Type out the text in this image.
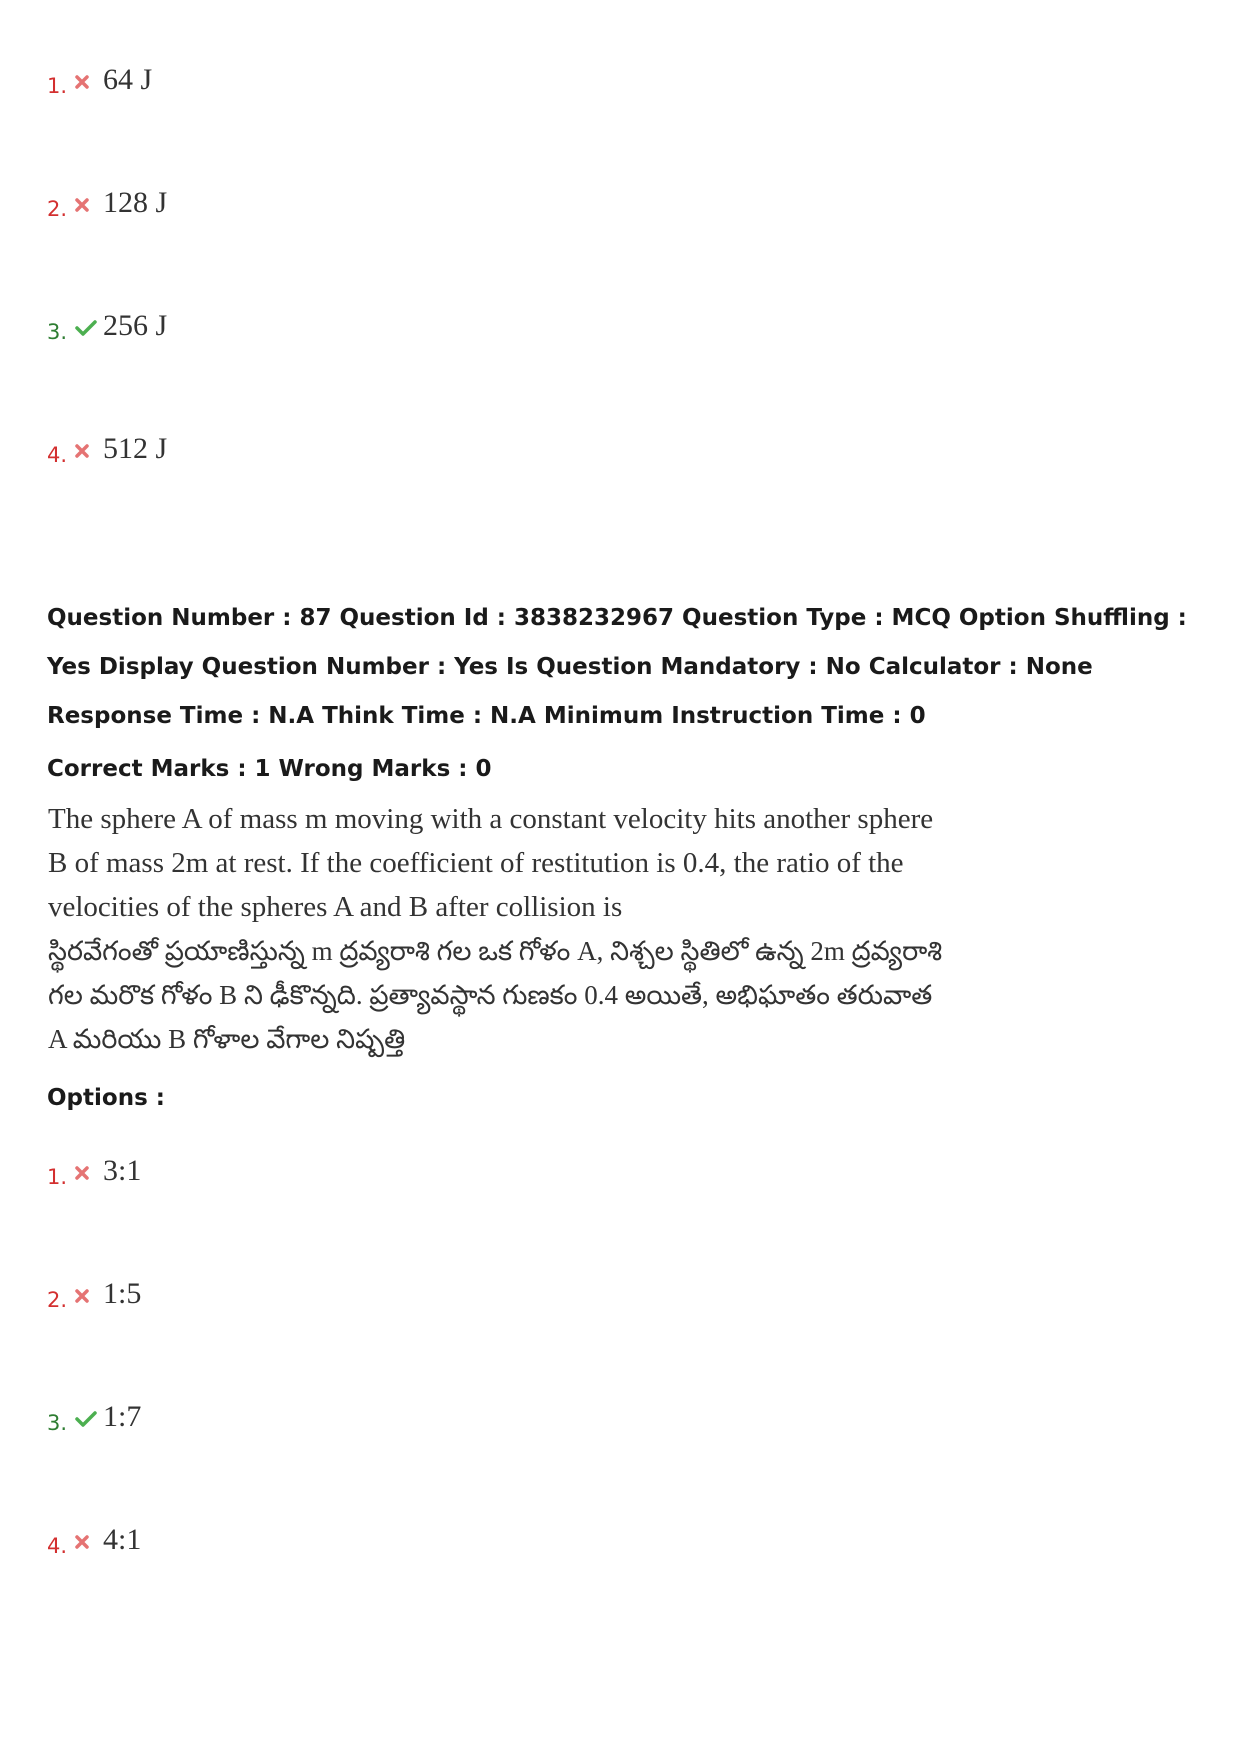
1. 64 J
2. 128 J
3. 256 J
4. 512 J
Question Number : 87 Question Id : 3838232967 Question Type : MCQ Option Shuffling : Yes Display Question Number : Yes Is Question Mandatory : No Calculator : None Response Time : N.A Think Time : N.A Minimum Instruction Time : 0
Correct Marks : 1 Wrong Marks : 0

The sphere A of mass m moving with a constant velocity hits another sphere B of mass 2m at rest. If the coefficient of restitution is 0.4, the ratio of the velocities of the spheres A and B after collision is

స్థిరవేగంతో ప్రయాణిస్తున్న m ద్రవ్యరాశి గల ఒక గోళం A, నిశ్చల స్థితిలో ఉన్న 2m ద్రవ్యరాశి గల మరొక గోళం B ని ఢీకొన్నది. ప్రత్యావస్థాన గుణకం 0.4 అయితే, అభిఘాతం తరువాత A మరియు B గోళాల వేగాల నిష్పత్తి

Options :
1. 3:1
2. 1:5
3. 1:7
4. 4:1
